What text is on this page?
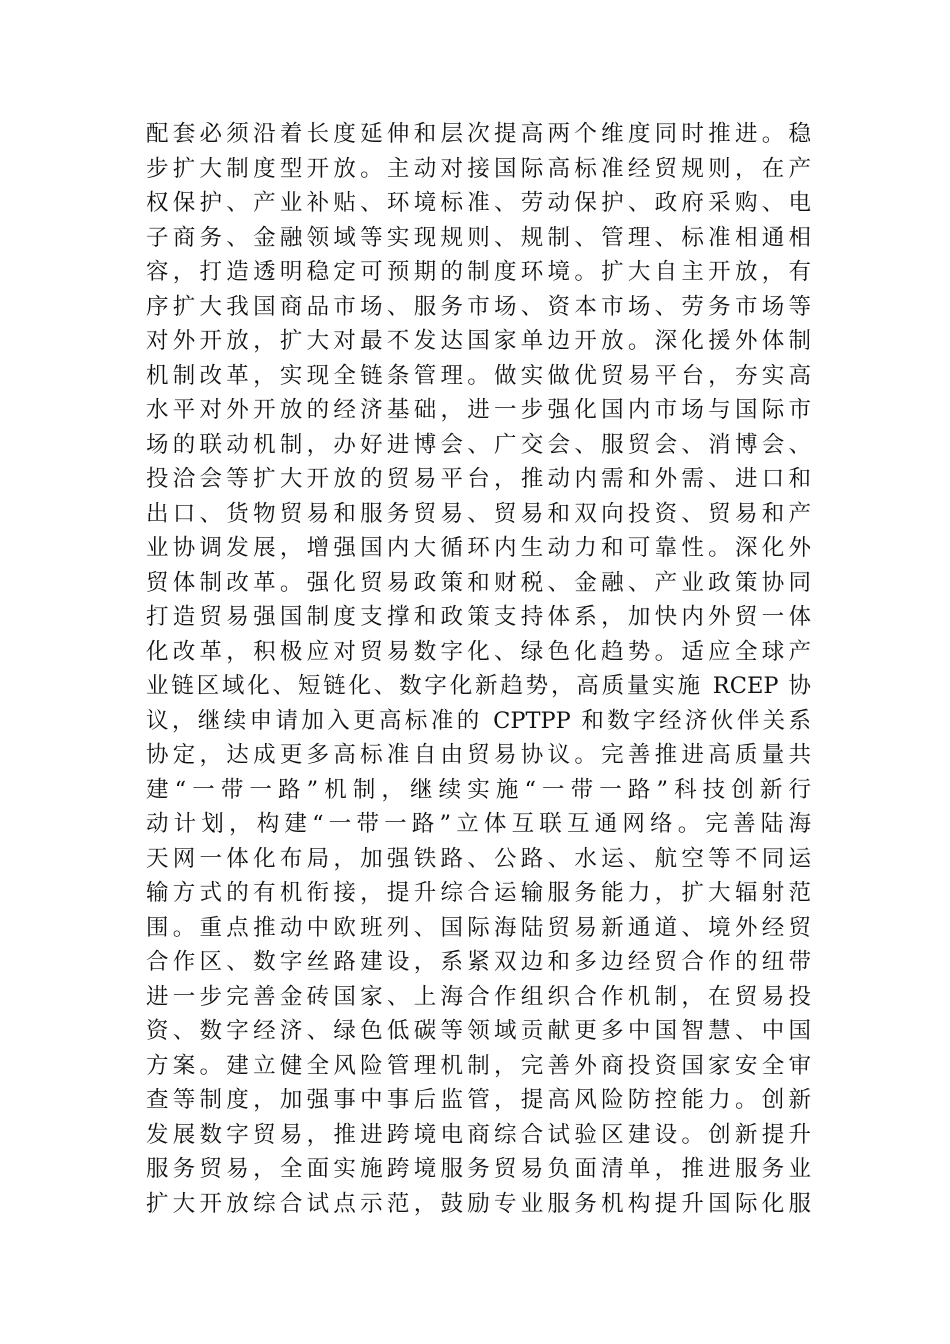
配套必须沿着长度延伸和层次提高两个维度同时推进。稳
步扩大制度型开放。主动对接国际高标准经贸规则，在产
权保护、产业补贴、环境标准、劳动保护、政府采购、电
子商务、金融领域等实现规则、规制、管理、标准相通相
容，打造透明稳定可预期的制度环境。扩大自主开放，有
序扩大我国商品市场、服务市场、资本市场、劳务市场等
对外开放，扩大对最不发达国家单边开放。深化援外体制
机制改革，实现全链条管理。做实做优贸易平台，夯实高
水平对外开放的经济基础，进一步强化国内市场与国际市
场的联动机制，办好进博会、广交会、服贸会、消博会、
投洽会等扩大开放的贸易平台，推动内需和外需、进口和
出口、货物贸易和服务贸易、贸易和双向投资、贸易和产
业协调发展，增强国内大循环内生动力和可靠性。深化外
贸体制改革。强化贸易政策和财税、金融、产业政策协同
打造贸易强国制度支撑和政策支持体系，加快内外贸一体
化改革，积极应对贸易数字化、绿色化趋势。适应全球产
业链区域化、短链化、数字化新趋势，高质量实施 RCEP 协
议，继续申请加入更高标准的 CPTPP 和数字经济伙伴关系
协定，达成更多高标准自由贸易协议。完善推进高质量共
建“一带一路”机制，继续实施“一带一路”科技创新行
动计划，构建“一带一路”立体互联互通网络。完善陆海
天网一体化布局，加强铁路、公路、水运、航空等不同运
输方式的有机衔接，提升综合运输服务能力，扩大辐射范
围。重点推动中欧班列、国际海陆贸易新通道、境外经贸
合作区、数字丝路建设，系紧双边和多边经贸合作的纽带
进一步完善金砖国家、上海合作组织合作机制，在贸易投
资、数字经济、绿色低碳等领域贡献更多中国智慧、中国
方案。建立健全风险管理机制，完善外商投资国家安全审
查等制度，加强事中事后监管，提高风险防控能力。创新
发展数字贸易，推进跨境电商综合试验区建设。创新提升
服务贸易，全面实施跨境服务贸易负面清单，推进服务业
扩大开放综合试点示范，鼓励专业服务机构提升国际化服
